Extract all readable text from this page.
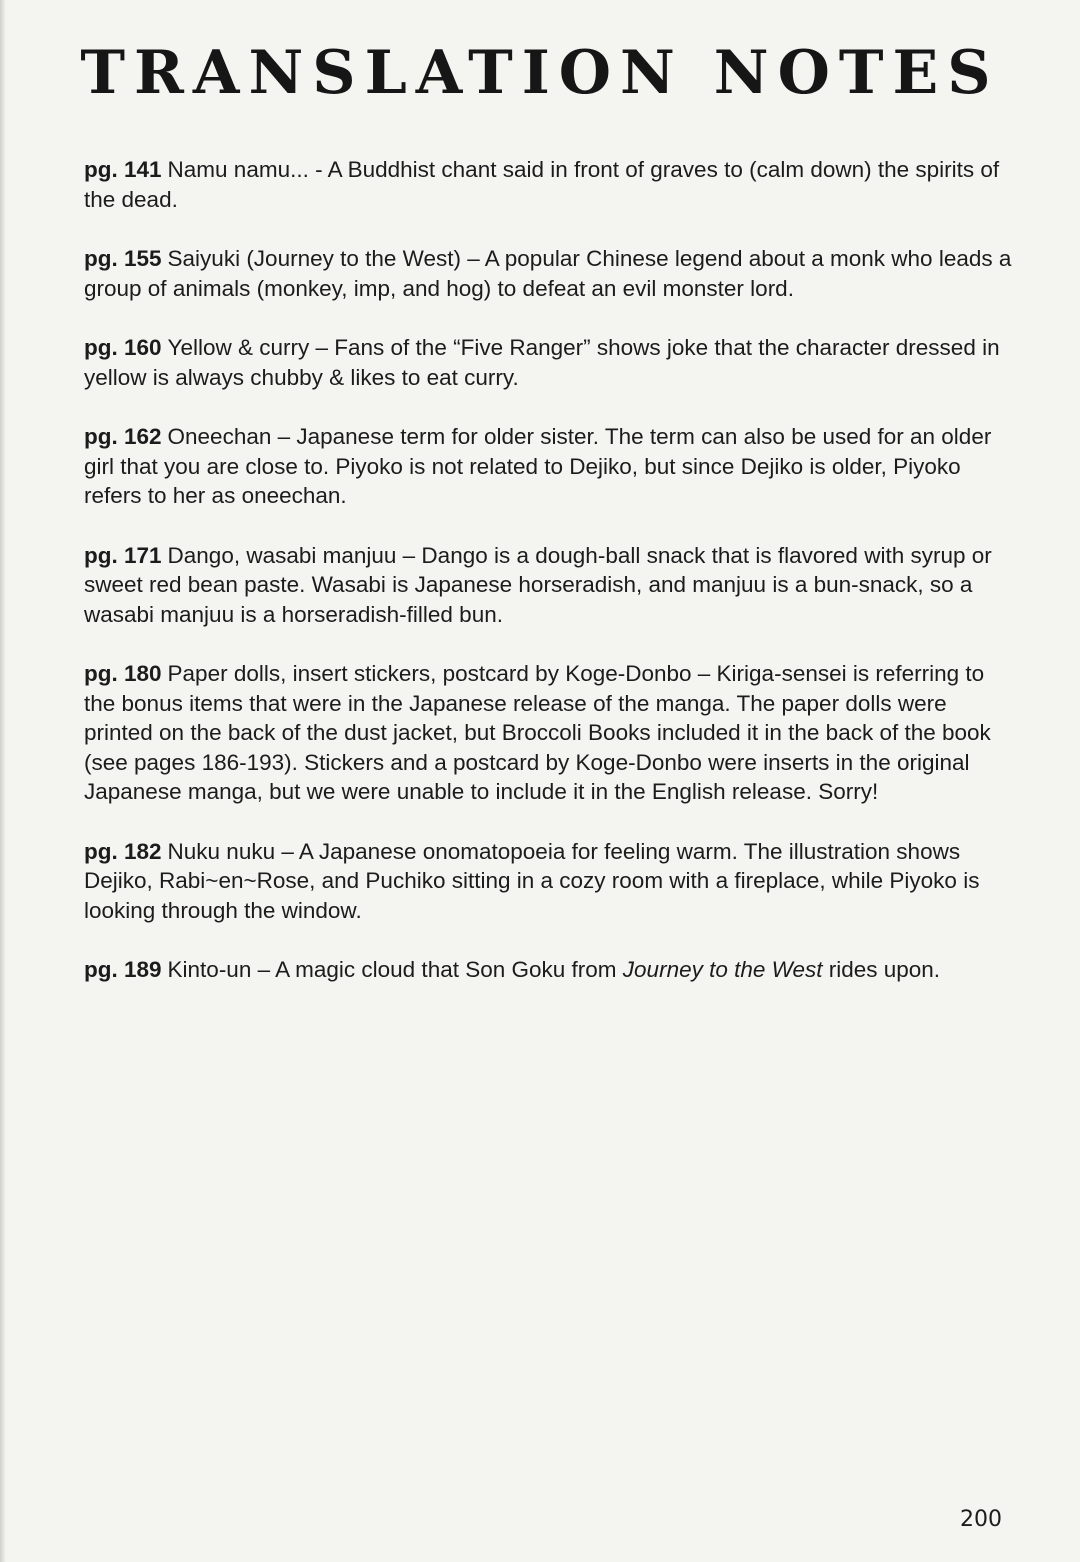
TRANSLATION NOTES

pg. 141 Namu namu... - A Buddhist chant said in front of graves to (calm down) the spirits of the dead.

pg. 155 Saiyuki (Journey to the West) – A popular Chinese legend about a monk who leads a group of animals (monkey, imp, and hog) to defeat an evil monster lord.

pg. 160 Yellow & curry – Fans of the “Five Ranger” shows joke that the character dressed in yellow is always chubby & likes to eat curry.

pg. 162 Oneechan – Japanese term for older sister. The term can also be used for an older girl that you are close to. Piyoko is not related to Dejiko, but since Dejiko is older, Piyoko refers to her as oneechan.

pg. 171 Dango, wasabi manjuu – Dango is a dough-ball snack that is flavored with syrup or sweet red bean paste. Wasabi is Japanese horseradish, and manjuu is a bun-snack, so a wasabi manjuu is a horseradish-filled bun.

pg. 180 Paper dolls, insert stickers, postcard by Koge-Donbo – Kiriga-sensei is referring to the bonus items that were in the Japanese release of the manga. The paper dolls were printed on the back of the dust jacket, but Broccoli Books included it in the back of the book (see pages 186-193). Stickers and a postcard by Koge-Donbo were inserts in the original Japanese manga, but we were unable to include it in the English release. Sorry!

pg. 182 Nuku nuku – A Japanese onomatopoeia for feeling warm. The illustration shows Dejiko, Rabi~en~Rose, and Puchiko sitting in a cozy room with a fireplace, while Piyoko is looking through the window.

pg. 189 Kinto-un – A magic cloud that Son Goku from Journey to the West rides upon.

200
